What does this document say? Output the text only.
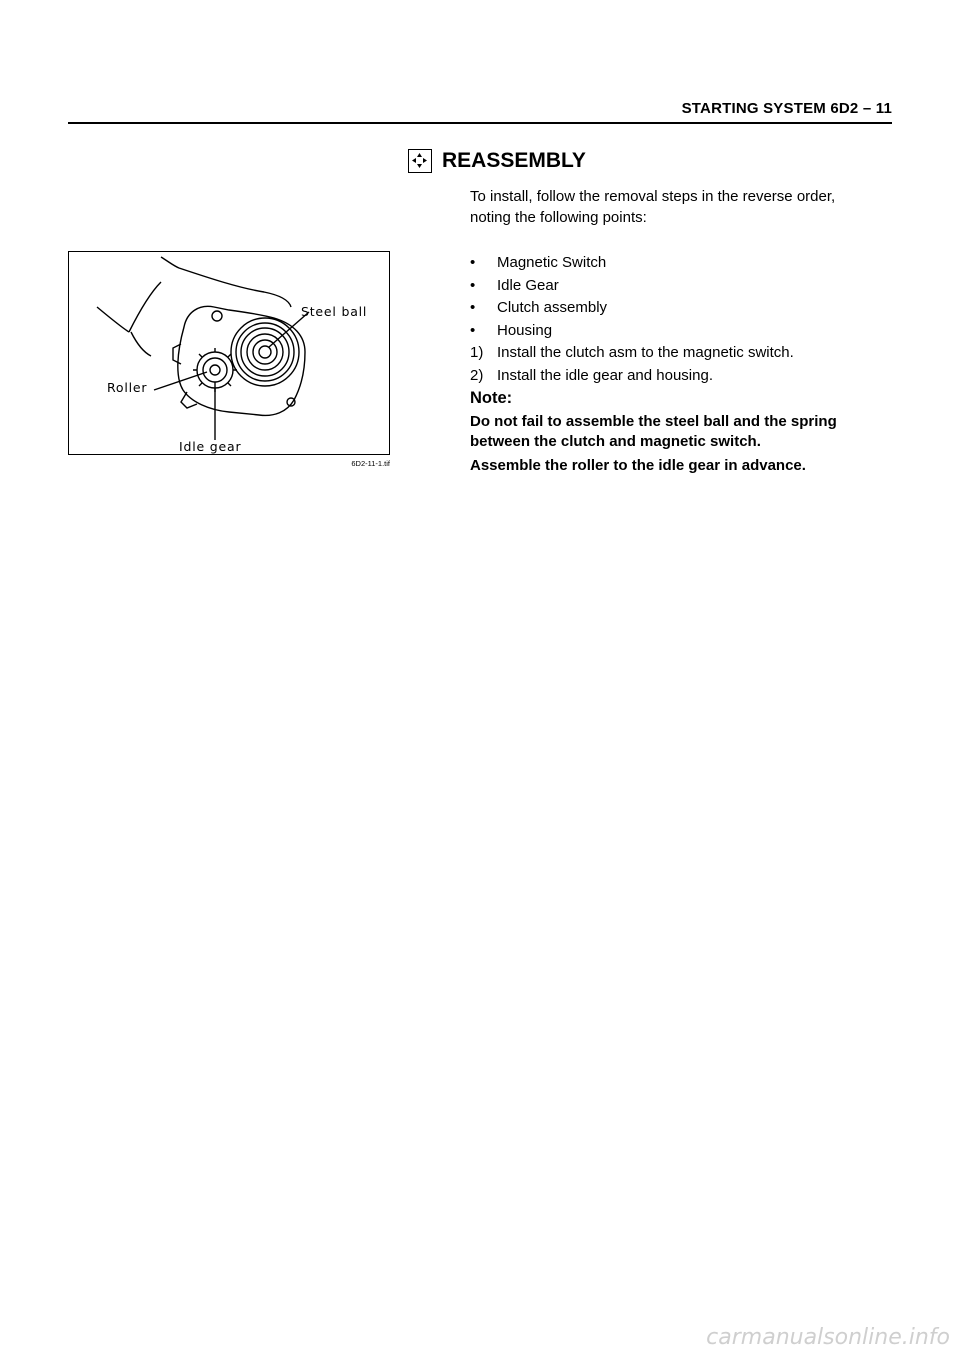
STARTING SYSTEM 6D2 – 11
REASSEMBLY
To install, follow the removal steps in the reverse order, noting the following points:
Steel ball
Roller
Idle gear
6D2-11-1.tif
•	Magnetic Switch
•	Idle Gear
•	Clutch assembly
•	Housing
1) Install the clutch asm to the magnetic switch.
2) Install the idle gear and housing.
Note:

Do not fail to assemble the steel ball and the spring between the clutch and magnetic switch.

Assemble the roller to the idle gear in advance.

carmanualsonline.info
